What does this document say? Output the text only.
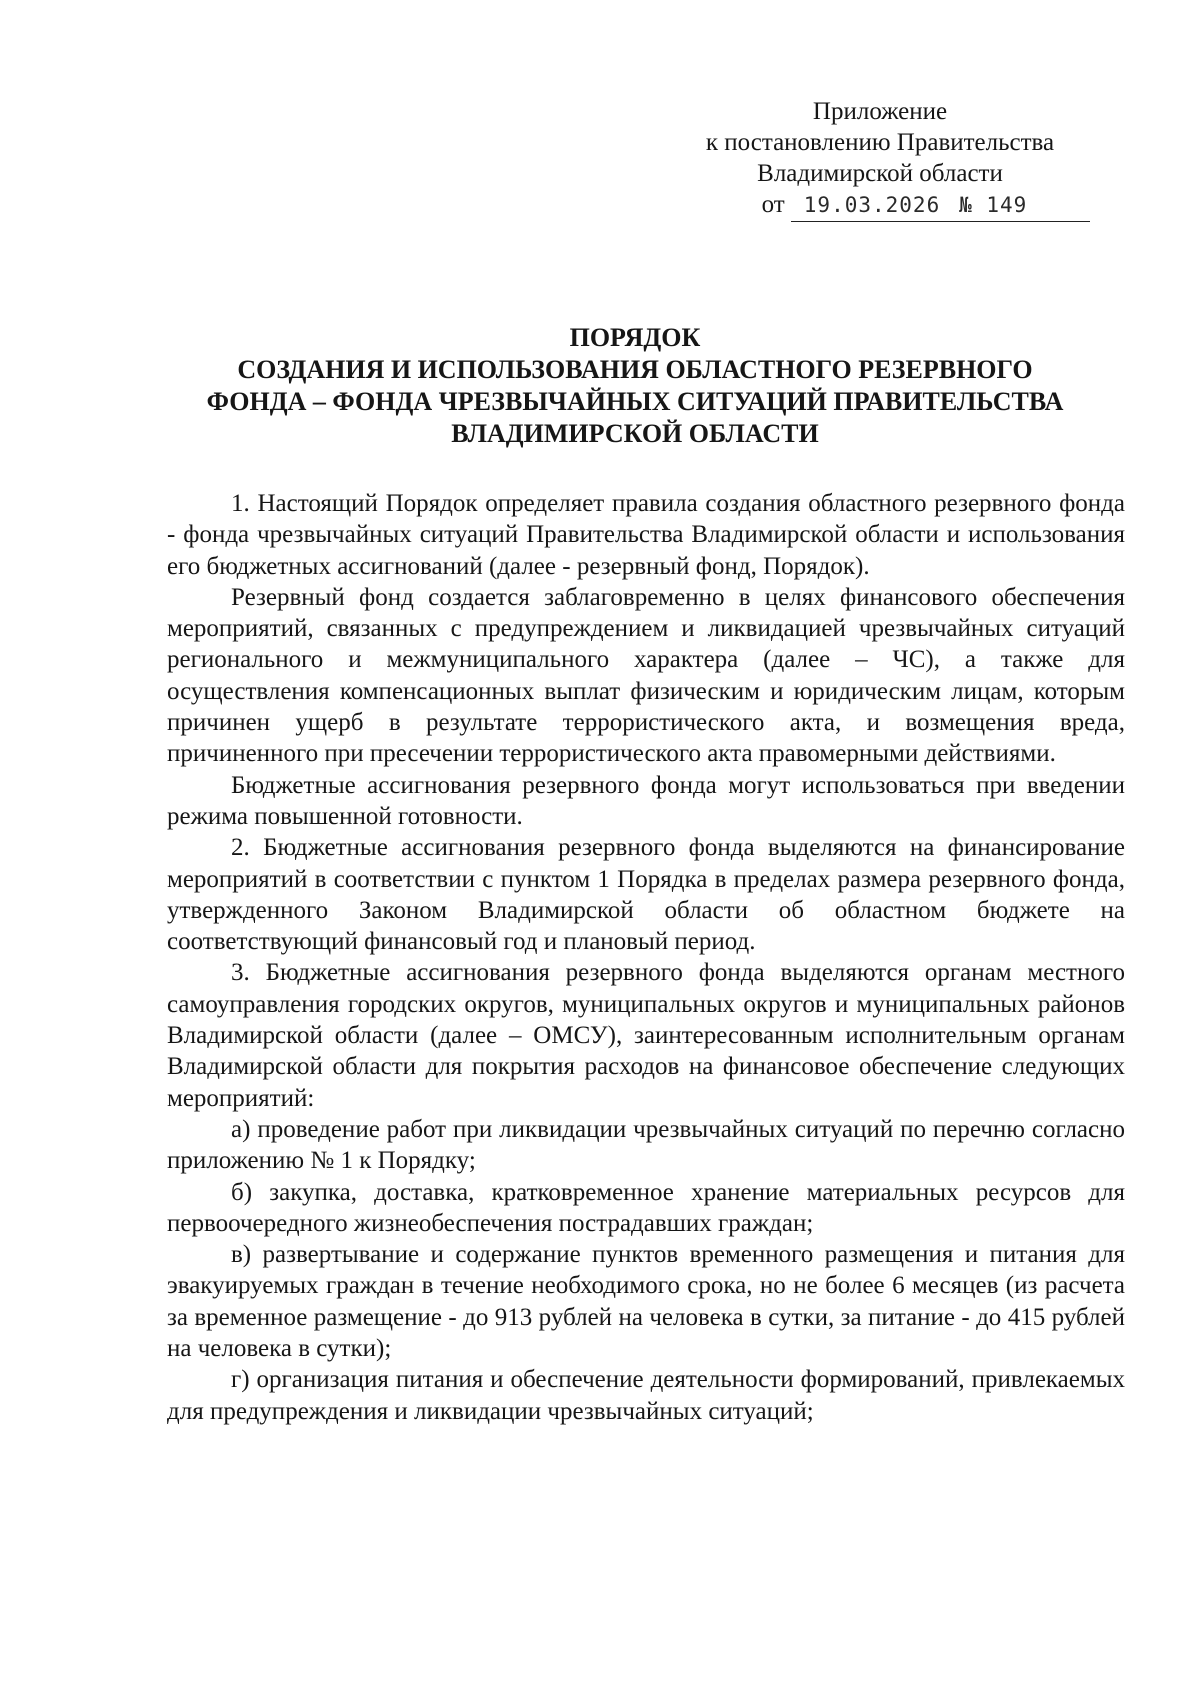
Приложение
к постановлению Правительства
Владимирской области
от 19.03.2026 № 149
ПОРЯДОК
СОЗДАНИЯ И ИСПОЛЬЗОВАНИЯ ОБЛАСТНОГО РЕЗЕРВНОГО
ФОНДА – ФОНДА ЧРЕЗВЫЧАЙНЫХ СИТУАЦИЙ ПРАВИТЕЛЬСТВА
ВЛАДИМИРСКОЙ ОБЛАСТИ

1. Настоящий Порядок определяет правила создания областного резервного фонда - фонда чрезвычайных ситуаций Правительства Владимирской области и использования его бюджетных ассигнований (далее - резервный фонд, Порядок).

Резервный фонд создается заблаговременно в целях финансового обеспечения мероприятий, связанных с предупреждением и ликвидацией чрезвычайных ситуаций регионального и межмуниципального характера (далее – ЧС), а также для осуществления компенсационных выплат физическим и юридическим лицам, которым причинен ущерб в результате террористического акта, и возмещения вреда, причиненного при пресечении террористического акта правомерными действиями.

Бюджетные ассигнования резервного фонда могут использоваться при введении режима повышенной готовности.

2. Бюджетные ассигнования резервного фонда выделяются на финансирование мероприятий в соответствии с пунктом 1 Порядка в пределах размера резервного фонда, утвержденного Законом Владимирской области об областном бюджете на соответствующий финансовый год и плановый период.

3. Бюджетные ассигнования резервного фонда выделяются органам местного самоуправления городских округов, муниципальных округов и муниципальных районов Владимирской области (далее – ОМСУ), заинтересованным исполнительным органам Владимирской области для покрытия расходов на финансовое обеспечение следующих мероприятий:

а) проведение работ при ликвидации чрезвычайных ситуаций по перечню согласно приложению № 1 к Порядку;

б) закупка, доставка, кратковременное хранение материальных ресурсов для первоочередного жизнеобеспечения пострадавших граждан;

в) развертывание и содержание пунктов временного размещения и питания для эвакуируемых граждан в течение необходимого срока, но не более 6 месяцев (из расчета за временное размещение - до 913 рублей на человека в сутки, за питание - до 415 рублей на человека в сутки);

г) организация питания и обеспечение деятельности формирований, привлекаемых для предупреждения и ликвидации чрезвычайных ситуаций;
